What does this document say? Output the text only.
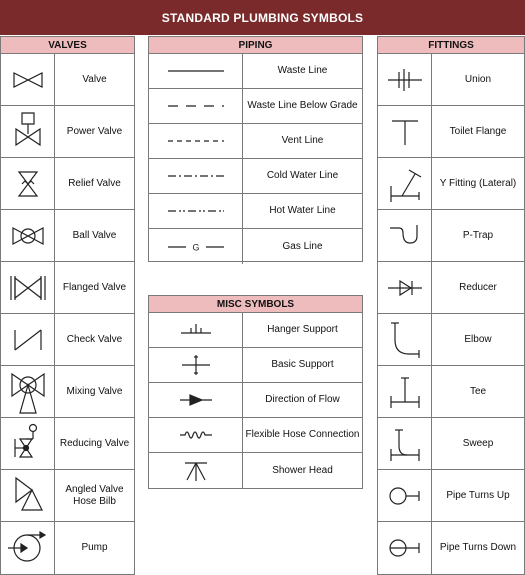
STANDARD PLUMBING SYMBOLS
VALVES
Valve
Power Valve
Relief Valve
Ball Valve
Flanged Valve
Check Valve
Mixing Valve
Reducing Valve
Angled Valve Hose Bilb
Pump
PIPING
Waste Line
Waste Line Below Grade
Vent Line
Cold Water Line
Hot Water Line
G	Gas Line
MISC SYMBOLS
Hanger Support
Basic Support
Direction of Flow
Flexible Hose Connection
Shower Head
FITTINGS
Union
Toilet Flange
Y Fitting (Lateral)
P-Trap
Reducer
Elbow
Tee
Sweep
Pipe Turns Up
Pipe Turns Down
